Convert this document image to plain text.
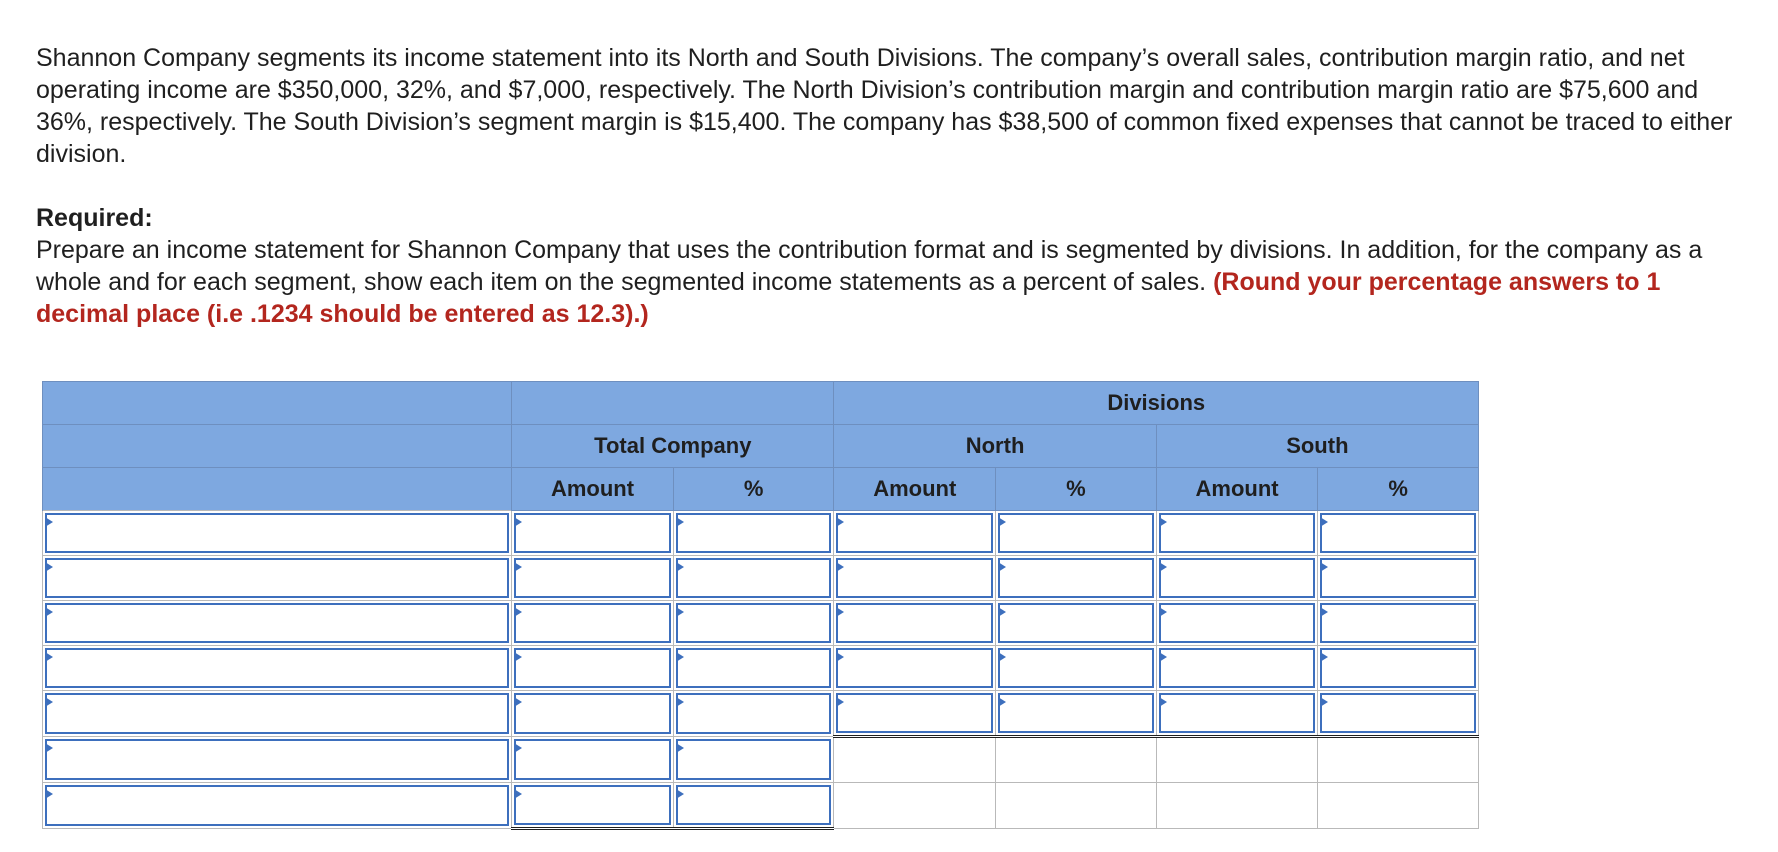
Shannon Company segments its income statement into its North and South Divisions. The company’s overall sales, contribution margin ratio, and net operating income are $350,000, 32%, and $7,000, respectively. The North Division’s contribution margin and contribution margin ratio are $75,600 and 36%, respectively. The South Division’s segment margin is $15,400. The company has $38,500 of common fixed expenses that cannot be traced to either division.

Required:

Prepare an income statement for Shannon Company that uses the contribution format and is segmented by divisions. In addition, for the company as a whole and for each segment, show each item on the segmented income statements as a percent of sales. (Round your percentage answers to 1 decimal place (i.e .1234 should be entered as 12.3).)

			Divisions			
	Total Company		North		South	
	Amount	%	Amount	%	Amount	%
